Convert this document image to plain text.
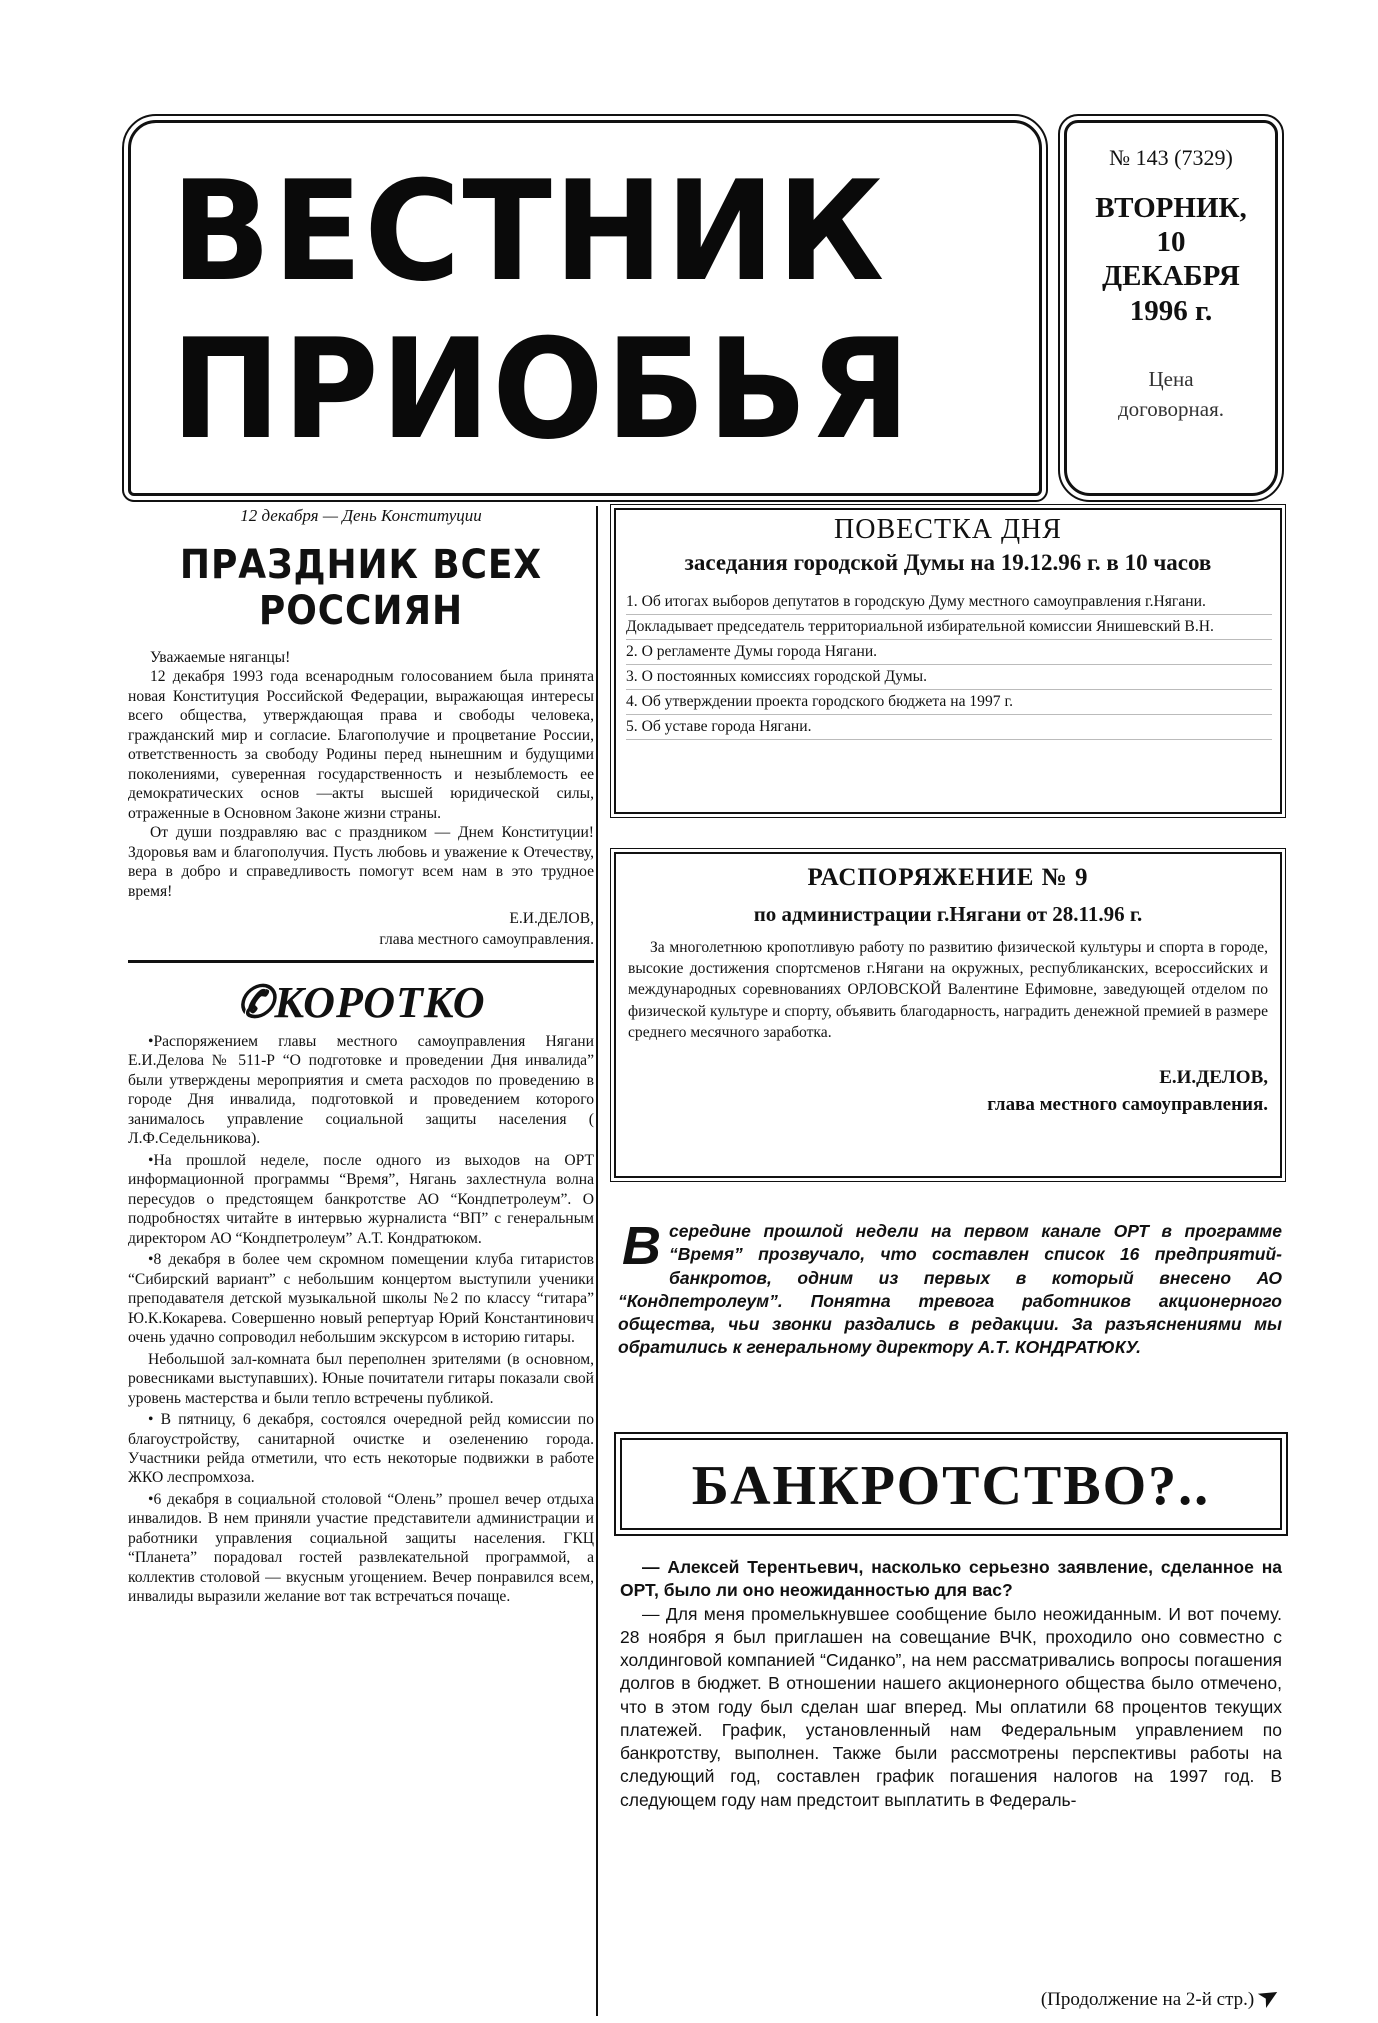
ВЕСТНИК
ПРИОБЬЯ
№ 143 (7329)
ВТОРНИК,
10
ДЕКАБРЯ
1996 г.
Цена
договорная.
12 декабря — День Конституции
ПРАЗДНИК ВСЕХ РОССИЯН

Уважаемые няганцы!

12 декабря 1993 года всенародным голосованием была принята новая Конституция Российской Федерации, выражающая интересы всего общества, утверждающая права и свободы человека, гражданский мир и согласие. Благополучие и процветание России, ответственность за свободу Родины перед нынешним и будущими поколениями, суверенная государственность и незыблемость ее демократических основ —акты высшей юридической силы, отраженные в Основном Законе жизни страны.

От души поздравляю вас с праздником — Днем Конституции! Здоровья вам и благополучия. Пусть любовь и уважение к Отечеству, вера в добро и справедливость помогут всем нам в это трудное время!

Е.И.ДЕЛОВ,
глава местного самоуправления.
✆КОРОТКО

•Распоряжением главы местного самоуправления Нягани Е.И.Делова № 511-Р “О подготовке и проведении Дня инвалида” были утверждены мероприятия и смета расходов по проведению в городе Дня инвалида, подготовкой и проведением которого занималось управление социальной защиты населения ( Л.Ф.Седельникова).

•На прошлой неделе, после одного из выходов на ОРТ информационной программы “Время”, Нягань захлестнула волна пересудов о предстоящем банкротстве АО “Кондпетролеум”. О подробностях читайте в интервью журналиста “ВП” с генеральным директором АО “Кондпетролеум” А.Т. Кондратюком.

•8 декабря в более чем скромном помещении клуба гитаристов “Сибирский вариант” с небольшим концертом выступили ученики преподавателя детской музыкальной школы №2 по классу “гитара” Ю.К.Кокарева. Совершенно новый репертуар Юрий Константинович очень удачно сопроводил небольшим экскурсом в историю гитары.

Небольшой зал-комната был переполнен зрителями (в основном, ровесниками выступавших). Юные почитатели гитары показали свой уровень мастерства и были тепло встречены публикой.

• В пятницу, 6 декабря, состоялся очередной рейд комиссии по благоустройству, санитарной очистке и озеленению города. Участники рейда отметили, что есть некоторые подвижки в работе ЖКО леспромхоза.

•6 декабря в социальной столовой “Олень” прошел вечер отдыха инвалидов. В нем приняли участие представители администрации и работники управления социальной защиты населения. ГКЦ “Планета” порадовал гостей развлекательной программой, а коллектив столовой — вкусным угощением. Вечер понравился всем, инвалиды выразили желание вот так встречаться почаще.

ПОВЕСТКА ДНЯ
заседания городской Думы на 19.12.96 г. в 10 часов
1. Об итогах выборов депутатов в городскую Думу местного самоуправления г.Нягани.
Докладывает председатель территориальной избирательной комиссии Янишевский В.Н.
2. О регламенте Думы города Нягани.
3. О постоянных комиссиях городской Думы.
4. Об утверждении проекта городского бюджета на 1997 г.
5. Об уставе города Нягани.
РАСПОРЯЖЕНИЕ № 9
по администрации г.Нягани от 28.11.96 г.
За многолетнюю кропотливую работу по развитию физической культуры и спорта в городе, высокие достижения спортсменов г.Нягани на окружных, республиканских, всероссийских и международных соревнованиях ОРЛОВСКОЙ Валентине Ефимовне, заведующей отделом по физической культуре и спорту, объявить благодарность, наградить денежной премией в размере среднего месячного заработка.
Е.И.ДЕЛОВ,
глава местного самоуправления.
В середине прошлой недели на первом канале ОРТ в программе “Время” прозвучало, что составлен список 16 предприятий- банкротов, одним из первых в который внесено АО “Кондпетролеум”. Понятна тревога работников акционерного общества, чьи звонки раздались в редакции. За разъяснениями мы обратились к генеральному директору А.Т. КОНДРАТЮКУ.
БАНКРОТСТВО?..

— Алексей Терентьевич, насколько серьезно заявление, сделанное на ОРТ, было ли оно неожиданностью для вас?

— Для меня промелькнувшее сообщение было неожиданным. И вот почему. 28 ноября я был приглашен на совещание ВЧК, проходило оно совместно с холдинговой компанией “Сиданко”, на нем рассматривались вопросы погашения долгов в бюджет. В отношении нашего акционерного общества было отмечено, что в этом году был сделан шаг вперед. Мы оплатили 68 процентов текущих платежей. График, установленный нам Федеральным управлением по банкротству, выполнен. Также были рассмотрены перспективы работы на следующий год, составлен график погашения налогов на 1997 год. В следующем году нам предстоит выплатить в Федераль-

(Продолжение на 2-й стр.)➤
